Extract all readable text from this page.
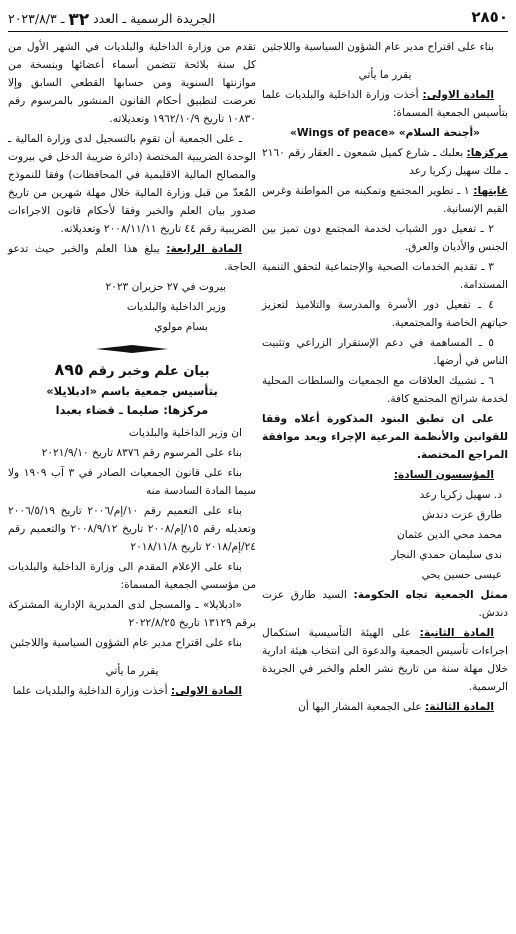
٢٨٥٠
الجريدة الرسمية ـ العدد ٣٢ ـ ٢٠٢٣/٨/٣
بناء على اقتراح مدير عام الشؤون السياسية واللاجئين
يقرر ما يأتي
المادة الاولى: أخذت وزارة الداخلية والبلديات علما بتأسيس الجمعية المسماة:
«أجنحة السلام» «Wings of peace»
مركزها: بعلبك ـ شارع كميل شمعون ـ العقار رقم ٢١٦٠ ـ ملك سهيل زكريا رعد
غايتها: ١ ـ تطوير المجتمع وتمكينه من المواطنة وغرس القيم الإنسانية.
٢ ـ تفعيل دور الشباب لخدمة المجتمع دون تميز بين الجنس والأديان والعرق.
٣ ـ تقديم الخدمات الصحية والإجتماعية لتحقق التنمية المستدامة.
٤ ـ تفعيل دور الأسرة والمدرسة والتلاميذ لتعزيز حياتهم الخاصة والمجتمعية.
٥ ـ المساهمة في دعم الإستقرار الزراعي وتثبيت الناس في أرضها.
٦ ـ تشبيك العلاقات مع الجمعيات والسلطات المحلية لخدمة شرائح المجتمع كافة.
على ان تطبق البنود المذكورة أعلاه وفقا للقوانين والأنظمة المرعية الإجراء وبعد موافقة المراجع المختصة.
المؤسسون السادة:
د. سهيل زكريا رعد
طارق عزت دندش
محمد محي الدين عثمان
ندى سليمان حمدي النجار
عيسى حسين يحي
ممثل الجمعية تجاه الحكومة: السيد طارق عزت دندش.
المادة الثانية: على الهيئة التأسيسية استكمال اجراءات تأسيس الجمعية والدعوة الى انتخاب هيئة ادارية خلال مهلة سنة من تاريخ نشر العلم والخبر في الجريدة الرسمية.
المادة الثالثة: على الجمعية المشار اليها أن
تقدم من وزارة الداخلية والبلديات في الشهر الأول من كل سنة بلائحة تتضمن أسماء أعضائها وبنسخة من موازنتها السنوية ومن حسابها القطعي السابق وإلا تعرضت لتطبيق أحكام القانون المنشور بالمرسوم رقم ١٠٨٣٠ تاريخ ١٩٦٢/١٠/٩ وتعديلاته.
ـ على الجمعية أن تقوم بالتسجيل لدى وزارة المالية ـ الوحدة الضريبية المختصة (دائرة ضريبة الدخل في بيروت والمصالح المالية الاقليمية في المحافظات) وفقا للنموذج المُعدّ من قبل وزارة المالية خلال مهلة شهرين من تاريخ صدور بيان العلم والخبر وفقا لأحكام قانون الاجراءات الضريبية رقم ٤٤ تاريخ ٢٠٠٨/١١/١١ وتعديلاته.
المادة الرابعة: يبلغ هذا العلم والخبر حيث تدعو الحاجة.
بيروت في ٢٧ حزيران ٢٠٢٣
وزير الداخلية والبلديات
بسام مولوي
بيان علم وخبر رقم ٨٩٥
بتأسيس جمعية باسم «ادبلايلا»
مركزها: صليما ـ قضاء بعبدا
ان وزير الداخلية والبلديات
بناء على المرسوم رقم ٨٣٧٦ تاريخ ٢٠٢١/٩/١٠
بناء على قانون الجمعيات الصادر في ٣ آب ١٩٠٩ ولا سيما المادة السادسة منه
بناء على التعميم رقم ١٠/إم/٢٠٠٦ تاريخ ٢٠٠٦/٥/١٩ وتعديله رقم ١٥/إم/٢٠٠٨ تاريخ ٢٠٠٨/٩/١٢ والتعميم رقم ٢٤/إم/٢٠١٨ تاريخ ٢٠١٨/١١/٨
بناء على الإعلام المقدم الى وزارة الداخلية والبلديات من مؤسسي الجمعية المسماة:
«ادبلايلا» ـ والمسجل لدى المديرية الإدارية المشتركة برقم ١٣١٢٩ تاريخ ٢٠٢٢/٨/٢٥
بناء على اقتراح مدير عام الشؤون السياسية واللاجئين
يقرر ما يأتي
المادة الاولى: أخذت وزارة الداخلية والبلديات علما
